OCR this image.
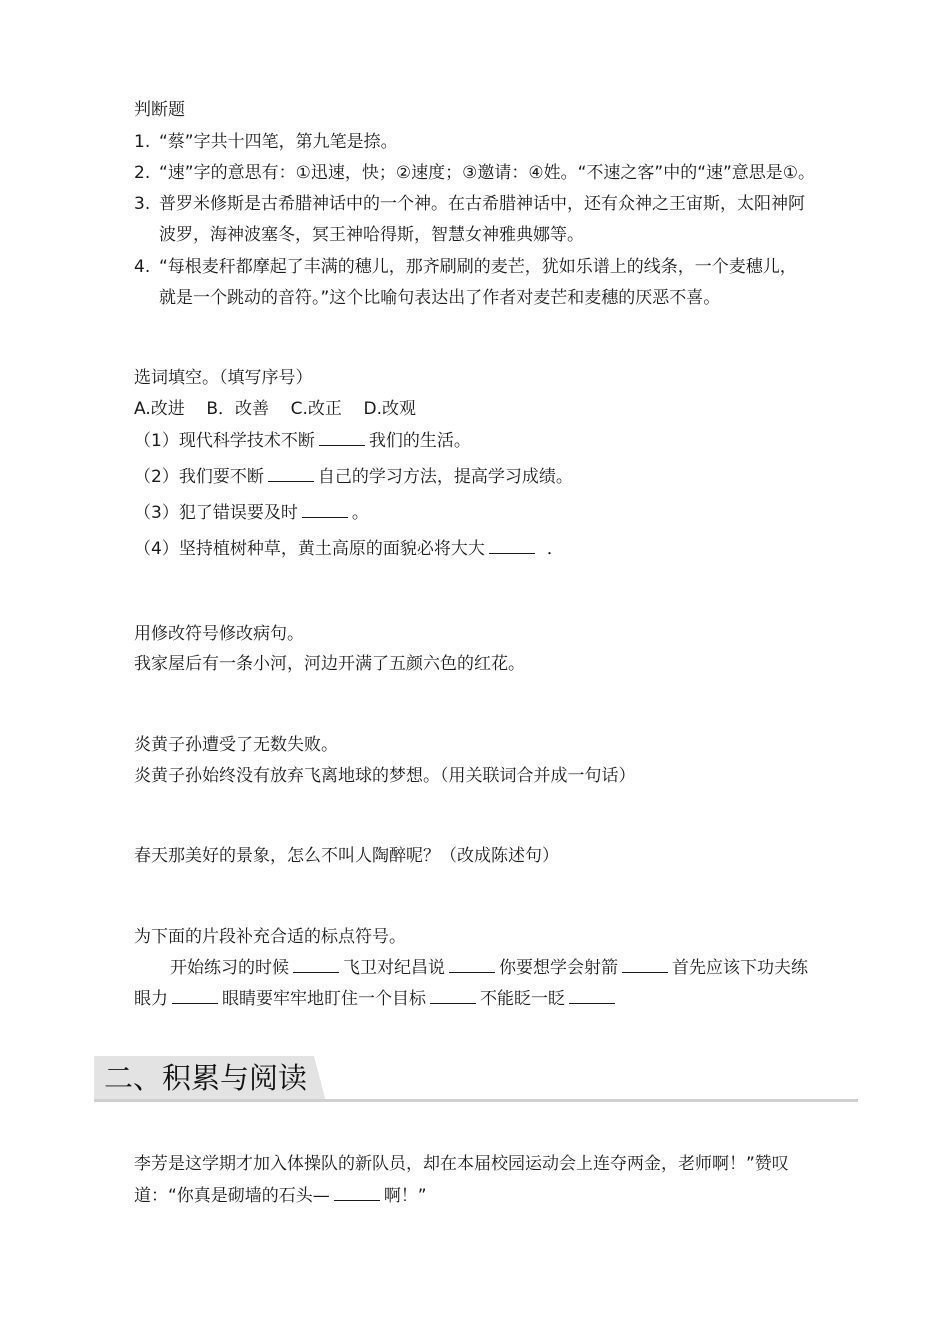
判断题
1. “蔡”字共十四笔，第九笔是捺。
2. “速”字的意思有：①迅速，快；②速度；③邀请：④姓。“不速之客”中的“速”意思是①。
3. 普罗米修斯是古希腊神话中的一个神。在古希腊神话中，还有众神之王宙斯，太阳神阿
波罗，海神波塞冬，冥王神哈得斯，智慧女神雅典娜等。
4. “每根麦秆都摩起了丰满的穗儿，那齐刷刷的麦芒，犹如乐谱上的线条，一个麦穗儿，
就是一个跳动的音符。”这个比喻句表达出了作者对麦芒和麦穗的厌恶不喜。
选词填空。（填写序号）
A.改进    B．改善    C.改正    D.改观
（1）现代科学技术不断	我们的生活。
（2）我们要不断	自己的学习方法，提高学习成绩。
（3）犯了错误要及时	。
（4）坚持植树种草，黄土高原的面貌必将大大	．
用修改符号修改病句。
我家屋后有一条小河，河边开满了五颜六色的红花。
炎黄子孙遭受了无数失败。
炎黄子孙始终没有放弃飞离地球的梦想。（用关联词合并成一句话）
春天那美好的景象，怎么不叫人陶醉呢？（改成陈述句）
为下面的片段补充合适的标点符号。
开始练习的时候	飞卫对纪昌说	你要想学会射箭	首先应该下功夫练
眼力	眼睛要牢牢地盯住一个目标	不能眨一眨
二、积累与阅读
李芳是这学期才加入体操队的新队员，却在本届校园运动会上连夺两金，老师啊！”赞叹
道：“你真是砌墙的石头—	啊！”
